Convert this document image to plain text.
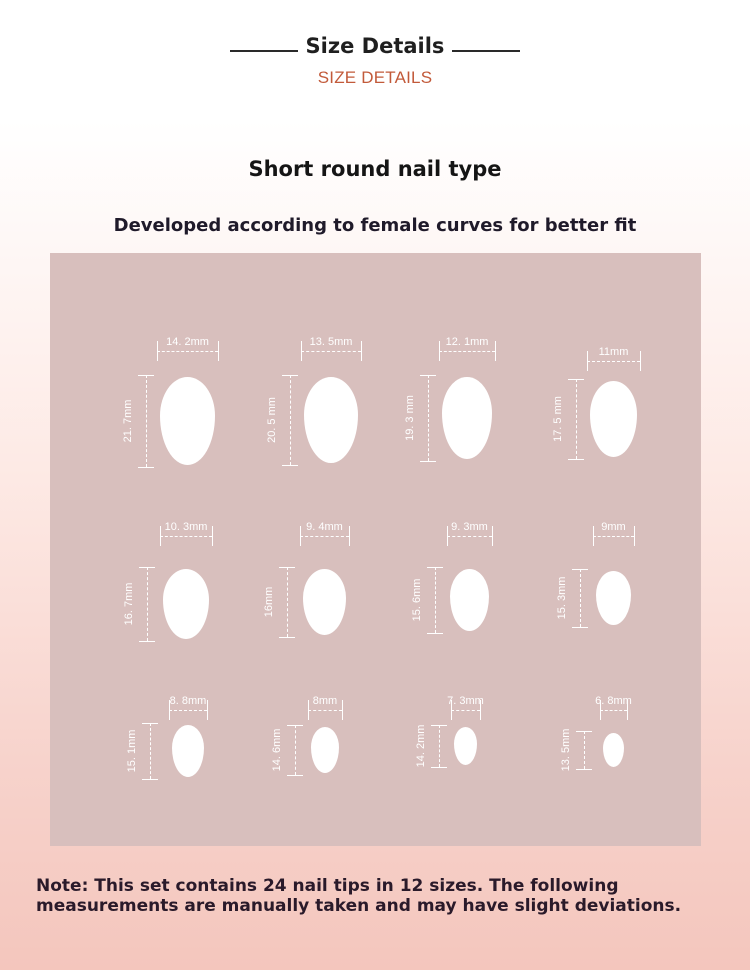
Size Details
SIZE DETAILS
Short round nail type
Developed according to female curves for better fit
14. 2mm
21. 7mm
13. 5mm
20. 5 mm
12. 1mm
19. 3 mm
11mm
17. 5 mm
10. 3mm
16. 7mm
9. 4mm
16mm
9. 3mm
15. 6mm
9mm
15. 3mm
8. 8mm
15. 1mm
8mm
14. 6mm
7. 3mm
14. 2mm
6. 8mm
13. 5mm
Note: This set contains 24 nail tips in 12 sizes. The following measurements are manually taken and may have slight deviations.
